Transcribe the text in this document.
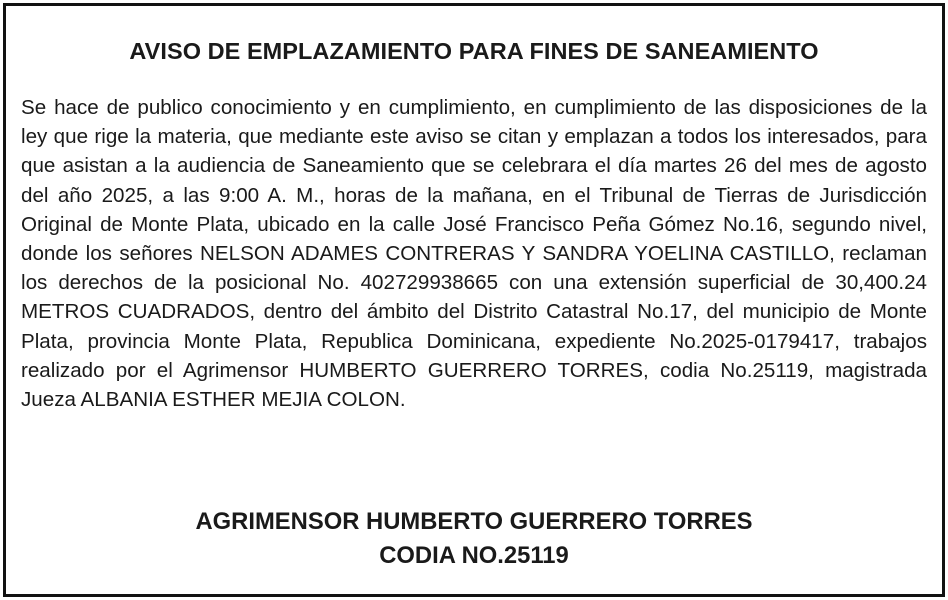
AVISO DE EMPLAZAMIENTO PARA FINES DE SANEAMIENTO

Se hace de publico conocimiento y en cumplimiento, en cumplimiento de las disposiciones de la ley que rige la materia, que mediante este aviso se citan y emplazan a todos los interesados, para que asistan a la audiencia de Saneamiento que se celebrara el día martes 26 del mes de agosto del año 2025, a las 9:00 A. M., horas de la mañana, en el Tribunal de Tierras de Jurisdicción Original de Monte Plata, ubicado en la calle José Francisco Peña Gómez No.16, segundo nivel, donde los señores NELSON ADAMES CONTRERAS Y SANDRA YOELINA CASTILLO, reclaman los derechos de la posicional No. 402729938665 con una extensión superficial de 30,400.24 METROS CUADRADOS, dentro del ámbito del Distrito Catastral No.17, del municipio de Monte Plata, provincia Monte Plata, Republica Dominicana, expediente No.2025-0179417, trabajos realizado por el Agrimensor HUMBERTO GUERRERO TORRES, codia No.25119, magistrada Jueza ALBANIA ESTHER MEJIA COLON.

AGRIMENSOR HUMBERTO GUERRERO TORRES
CODIA NO.25119
